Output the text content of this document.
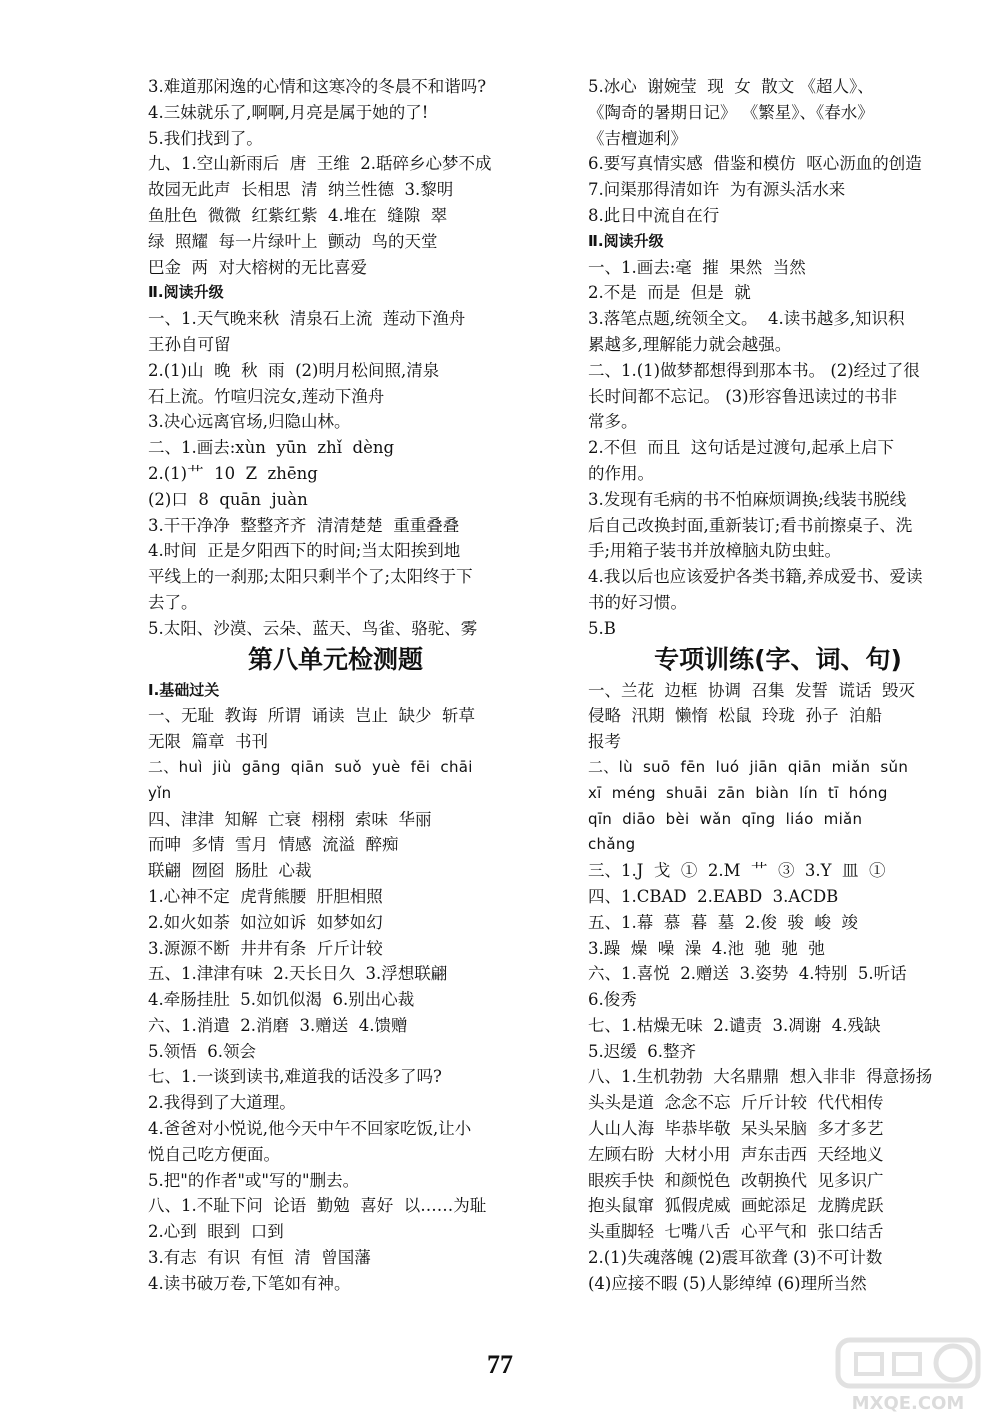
3.难道那闲逸的心情和这寒冷的冬晨不和谐吗?
4.三妹就乐了,啊啊,月亮是属于她的了!
5.我们找到了。
九、1.空山新雨后  唐  王维  2.聒碎乡心梦不成
故园无此声  长相思  清  纳兰性德  3.黎明
鱼肚色  微微  红紫红紫  4.堆在  缝隙  翠
绿  照耀  每一片绿叶上  颤动  鸟的天堂
巴金  两  对大榕树的无比喜爱
Ⅱ.阅读升级
一、1.天气晚来秋  清泉石上流  莲动下渔舟
王孙自可留
2.(1)山  晚  秋  雨  (2)明月松间照,清泉
石上流。竹喧归浣女,莲动下渔舟
3.决心远离官场,归隐山林。
二、1.画去:xùn  yūn  zhǐ  dèng
2.(1)艹  10  Z  zhēng
(2)口  8  quān  juàn
3.干干净净  整整齐齐  清清楚楚  重重叠叠
4.时间  正是夕阳西下的时间;当太阳挨到地
平线上的一刹那;太阳只剩半个了;太阳终于下
去了。
5.太阳、沙漠、云朵、蓝天、鸟雀、骆驼、雾
第八单元检测题
Ⅰ.基础过关
一、无耻  教诲  所谓  诵读  岂止  缺少  斩草
无限  篇章  书刊
二、huì  jiù  gāng  qiān  suǒ  yuè  fēi  chāi
yǐn
四、津津  知解  亡衰  栩栩  索味  华丽
而呻  多情  雪月  情感  流溢  醉痴
联翩  囫囵  肠肚  心裁
1.心神不定  虎背熊腰  肝胆相照
2.如火如荼  如泣如诉  如梦如幻
3.源源不断  井井有条  斤斤计较
五、1.津津有味  2.天长日久  3.浮想联翩
4.牵肠挂肚  5.如饥似渴  6.别出心裁
六、1.消遣  2.消磨  3.赠送  4.馈赠
5.领悟  6.领会
七、1.一谈到读书,难道我的话没多了吗?
2.我得到了大道理。
4.爸爸对小悦说,他今天中午不回家吃饭,让小
悦自己吃方便面。
5.把"的作者"或"写的"删去。
八、1.不耻下问  论语  勤勉  喜好  以……为耻
2.心到  眼到  口到
3.有志  有识  有恒  清  曾国藩
4.读书破万卷,下笔如有神。
5.冰心  谢婉莹  现  女  散文 《超人》、
《陶奇的暑期日记》 《繁星》、《春水》
《吉檀迦利》
6.要写真情实感  借鉴和模仿  呕心沥血的创造
7.问渠那得清如许  为有源头活水来
8.此日中流自在行
Ⅱ.阅读升级
一、1.画去:毫  摧  果然  当然
2.不是  而是  但是  就
3.落笔点题,统领全文。  4.读书越多,知识积
累越多,理解能力就会越强。
二、1.(1)做梦都想得到那本书。 (2)经过了很
长时间都不忘记。 (3)形容鲁迅读过的书非
常多。
2.不但  而且  这句话是过渡句,起承上启下
的作用。
3.发现有毛病的书不怕麻烦调换;线装书脱线
后自己改换封面,重新装订;看书前擦桌子、洗
手;用箱子装书并放樟脑丸防虫蛀。
4.我以后也应该爱护各类书籍,养成爱书、爱读
书的好习惯。
5.B
专项训练(字、词、句)
一、兰花  边框  协调  召集  发誓  谎话  毁灭
侵略  汛期  懒惰  松鼠  玲珑  孙子  泊船
报考
二、lù  suō  fēn  luó  jiān  qiān  miǎn  sǔn
xī  méng  shuāi  zān  biàn  lín  tī  hóng
qīn  diāo  bèi  wǎn  qīng  liáo  miǎn
chǎng
三、1.J  戈  ①  2.M  艹  ③  3.Y  皿  ①
四、1.CBAD  2.EABD  3.ACDB
五、1.幕  慕  暮  墓  2.俊  骏  峻  竣
3.躁  燥  噪  澡  4.池  驰  驰  弛
六、1.喜悦  2.赠送  3.姿势  4.特别  5.听话
6.俊秀
七、1.枯燥无味  2.谴责  3.凋谢  4.残缺
5.迟缓  6.整齐
八、1.生机勃勃  大名鼎鼎  想入非非  得意扬扬
头头是道  念念不忘  斤斤计较  代代相传
人山人海  毕恭毕敬  呆头呆脑  多才多艺
左顾右盼  大材小用  声东击西  天经地义
眼疾手快  和颜悦色  改朝换代  见多识广
抱头鼠窜  狐假虎威  画蛇添足  龙腾虎跃
头重脚轻  七嘴八舌  心平气和  张口结舌
2.(1)失魂落魄 (2)震耳欲聋 (3)不可计数
(4)应接不暇 (5)人影绰绰 (6)理所当然
77
MXQE.COM
